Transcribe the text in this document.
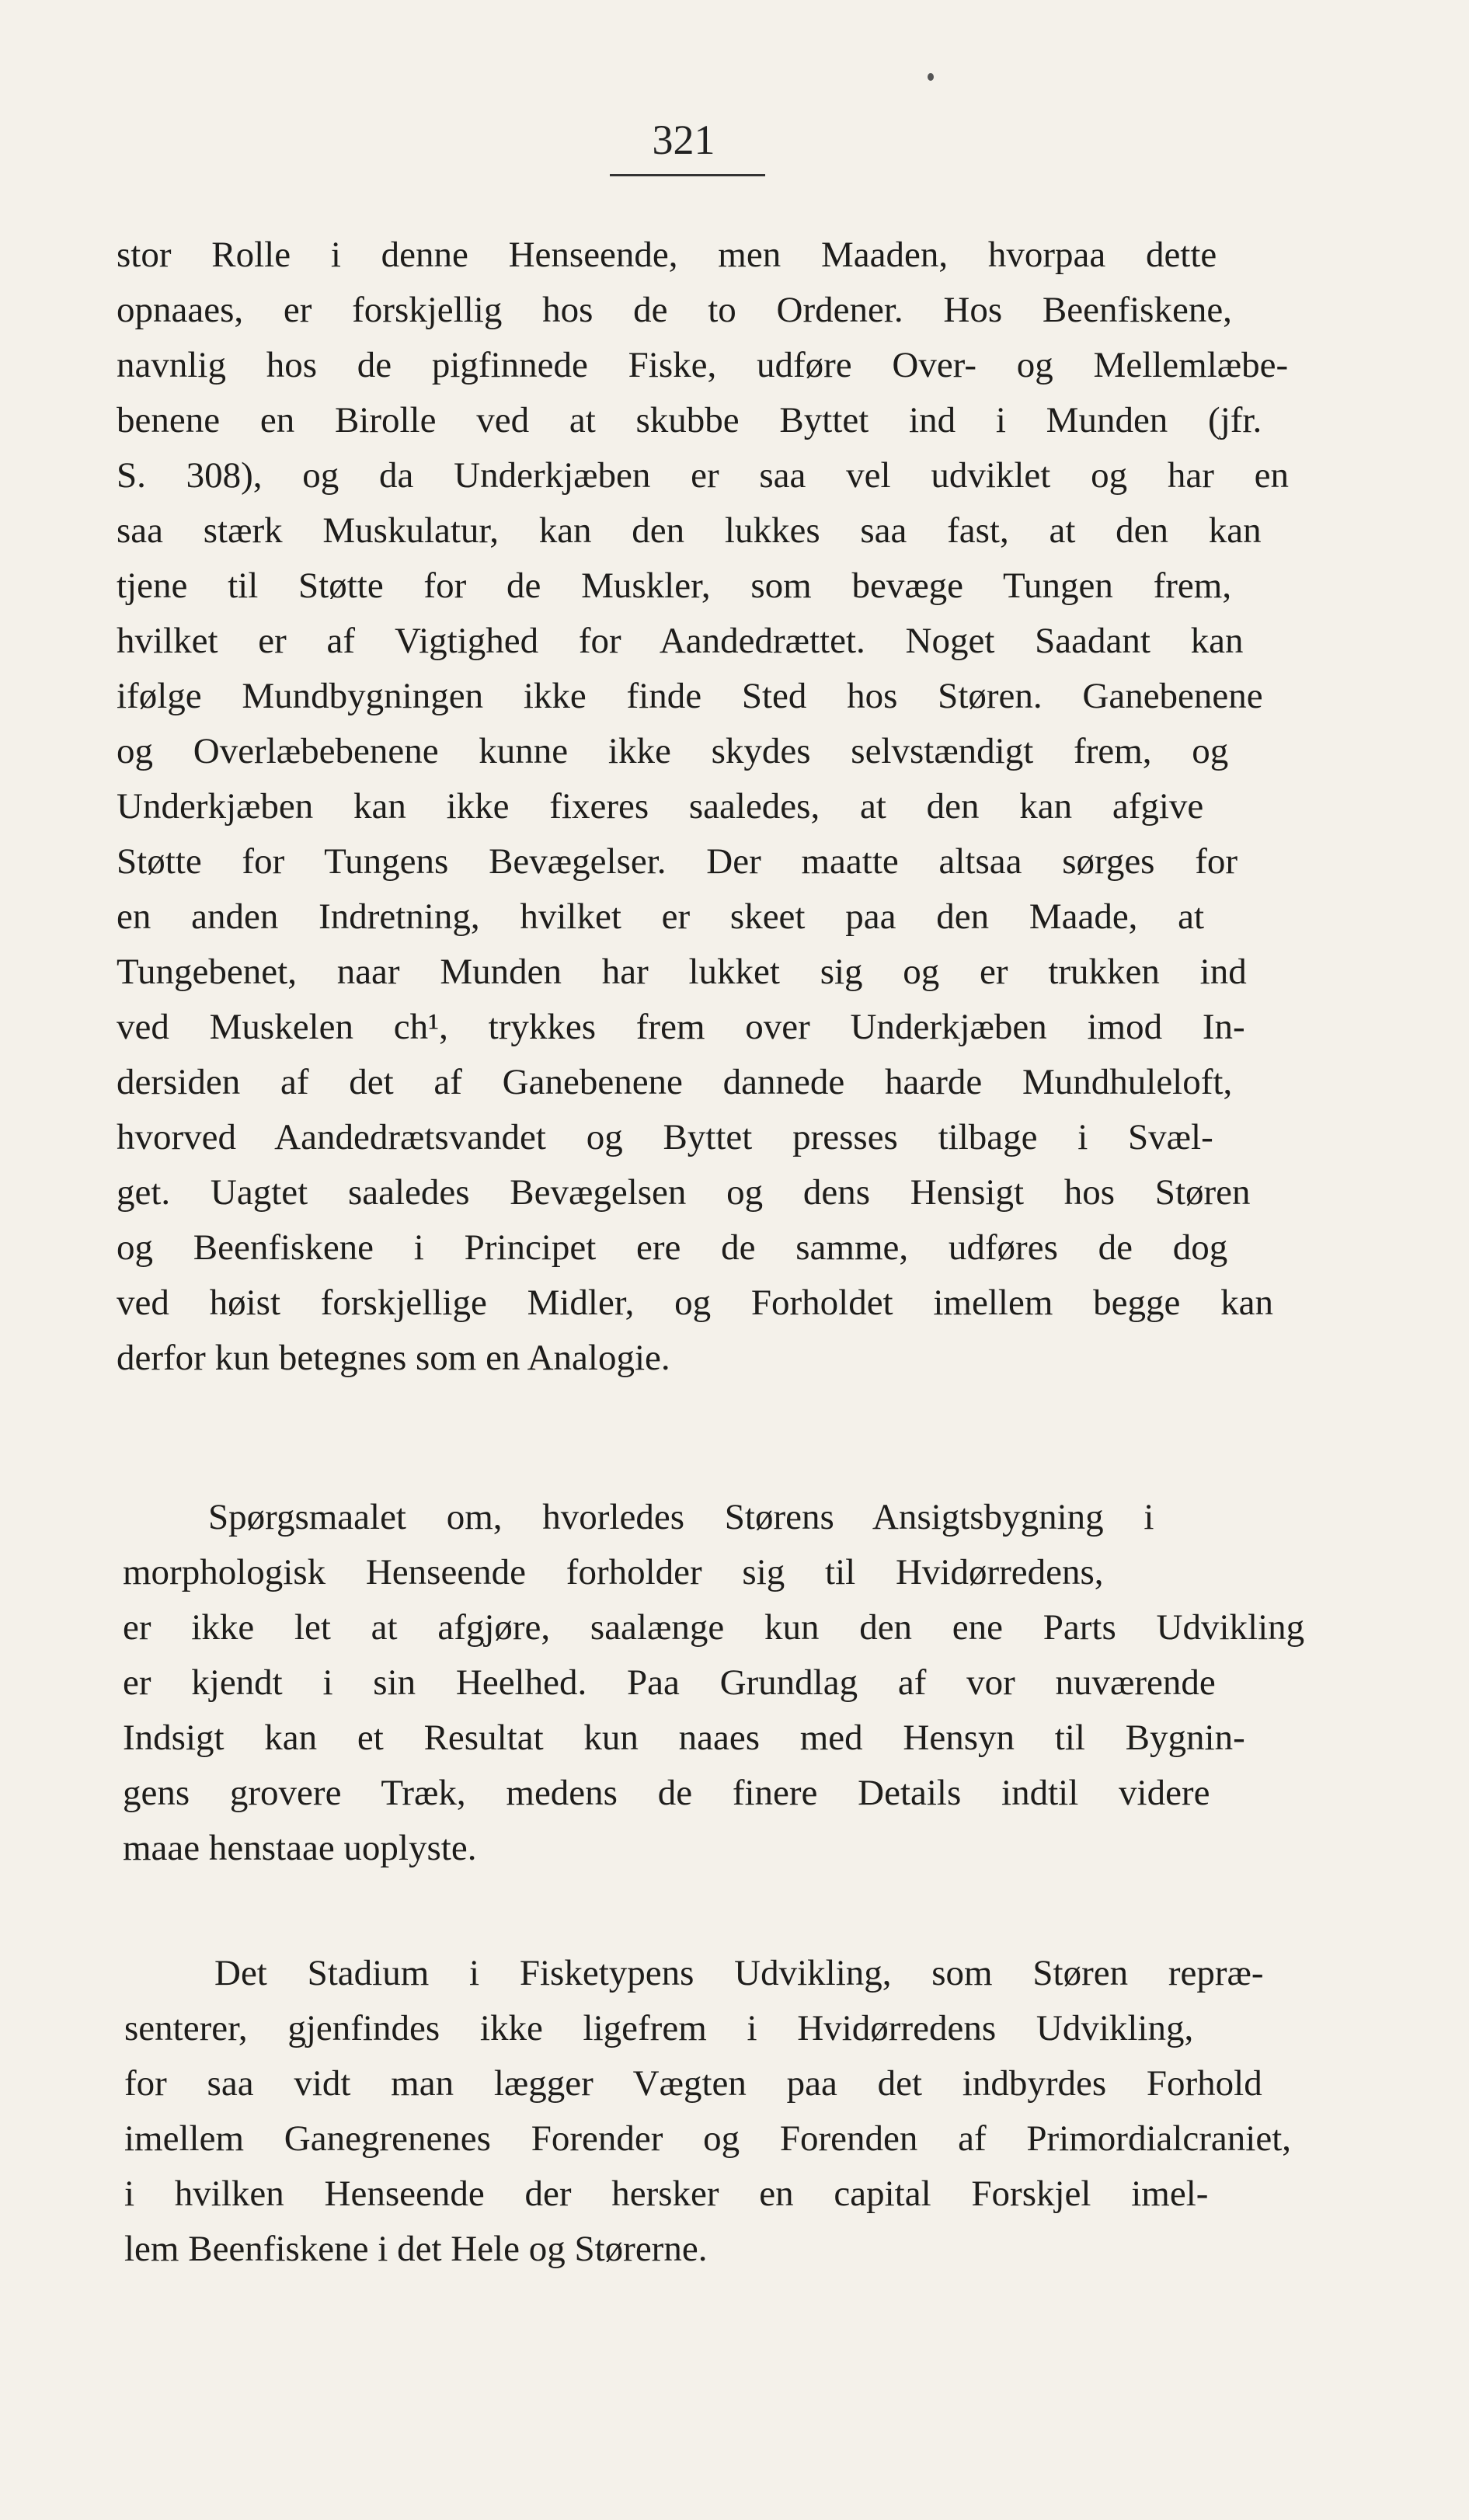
321
stor Rolle i denne Henseende, men Maaden, hvorpaa dette
opnaaes, er forskjellig hos de to Ordener. Hos Beenfiskene,
navnlig hos de pigfinnede Fiske, udføre Over- og Mellemlæbe-
benene en Birolle ved at skubbe Byttet ind i Munden (jfr.
S. 308), og da Underkjæben er saa vel udviklet og har en
saa stærk Muskulatur, kan den lukkes saa fast, at den kan
tjene til Støtte for de Muskler, som bevæge Tungen frem,
hvilket er af Vigtighed for Aandedrættet. Noget Saadant kan
ifølge Mundbygningen ikke finde Sted hos Støren. Ganebenene
og Overlæbebenene kunne ikke skydes selvstændigt frem, og
Underkjæben kan ikke fixeres saaledes, at den kan afgive
Støtte for Tungens Bevægelser. Der maatte altsaa sørges for
en anden Indretning, hvilket er skeet paa den Maade, at
Tungebenet, naar Munden har lukket sig og er trukken ind
ved Muskelen ch¹, trykkes frem over Underkjæben imod In-
dersiden af det af Ganebenene dannede haarde Mundhuleloft,
hvorved Aandedrætsvandet og Byttet presses tilbage i Svæl-
get. Uagtet saaledes Bevægelsen og dens Hensigt hos Støren
og Beenfiskene i Principet ere de samme, udføres de dog
ved høist forskjellige Midler, og Forholdet imellem begge kan
derfor kun betegnes som en Analogie.
Spørgsmaalet om, hvorledes Størens Ansigtsbygning i
morphologisk Henseende forholder sig til Hvidørredens,
er ikke let at afgjøre, saalænge kun den ene Parts Udvikling
er kjendt i sin Heelhed. Paa Grundlag af vor nuværende
Indsigt kan et Resultat kun naaes med Hensyn til Bygnin-
gens grovere Træk, medens de finere Details indtil videre
maae henstaae uoplyste.
Det Stadium i Fisketypens Udvikling, som Støren repræ-
senterer, gjenfindes ikke ligefrem i Hvidørredens Udvikling,
for saa vidt man lægger Vægten paa det indbyrdes Forhold
imellem Ganegrenenes Forender og Forenden af Primordialcraniet,
i hvilken Henseende der hersker en capital Forskjel imel-
lem Beenfiskene i det Hele og Størerne.
